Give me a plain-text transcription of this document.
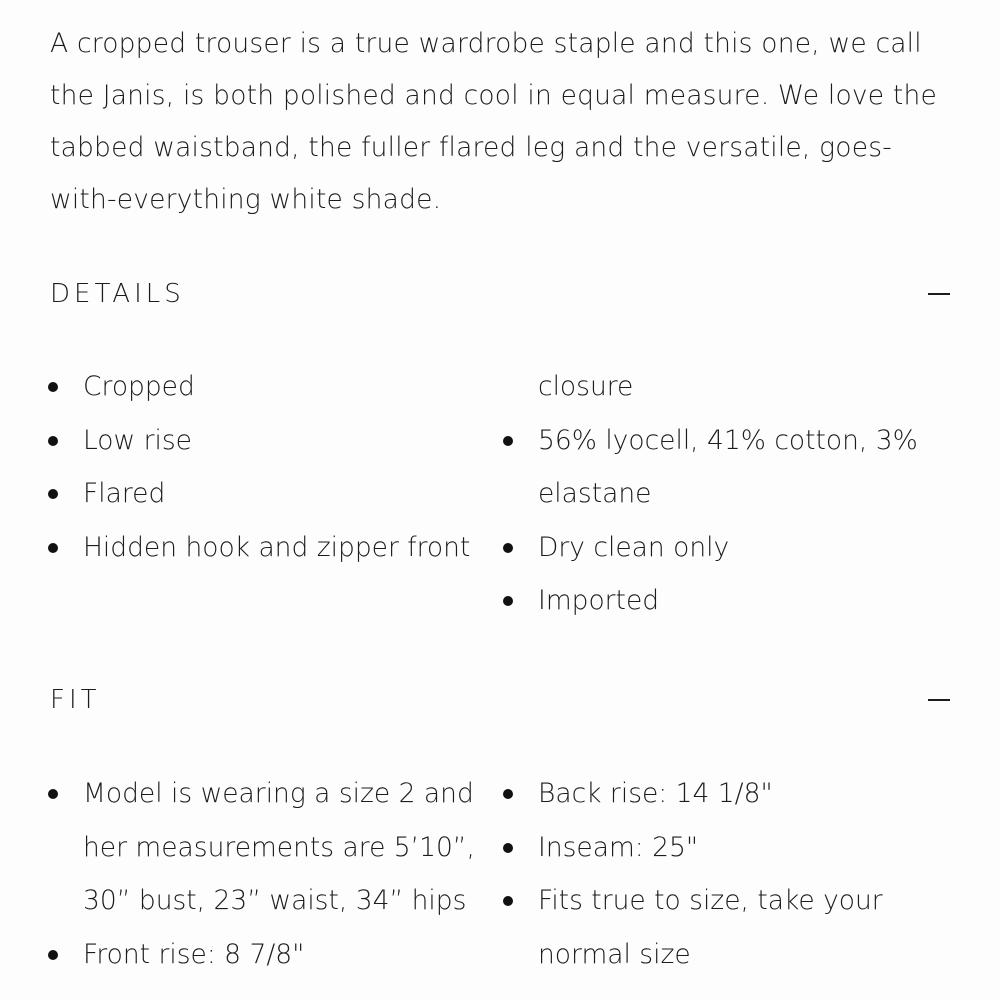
A cropped trouser is a true wardrobe staple and this one, we call the Janis, is both polished and cool in equal measure. We love the tabbed waistband, the fuller flared leg and the versatile, goes-with-everything white shade.

DETAILS
Cropped
Low rise
Flared
Hidden hook and zipper front
closure
56% lyocell, 41% cotton, 3% elastane
Dry clean only
Imported
FIT
Model is wearing a size 2 and her measurements are 5’10”, 30” bust, 23” waist, 34” hips
Front rise: 8 7/8"
Back rise: 14 1/8"
Inseam: 25"
Fits true to size, take your normal size
